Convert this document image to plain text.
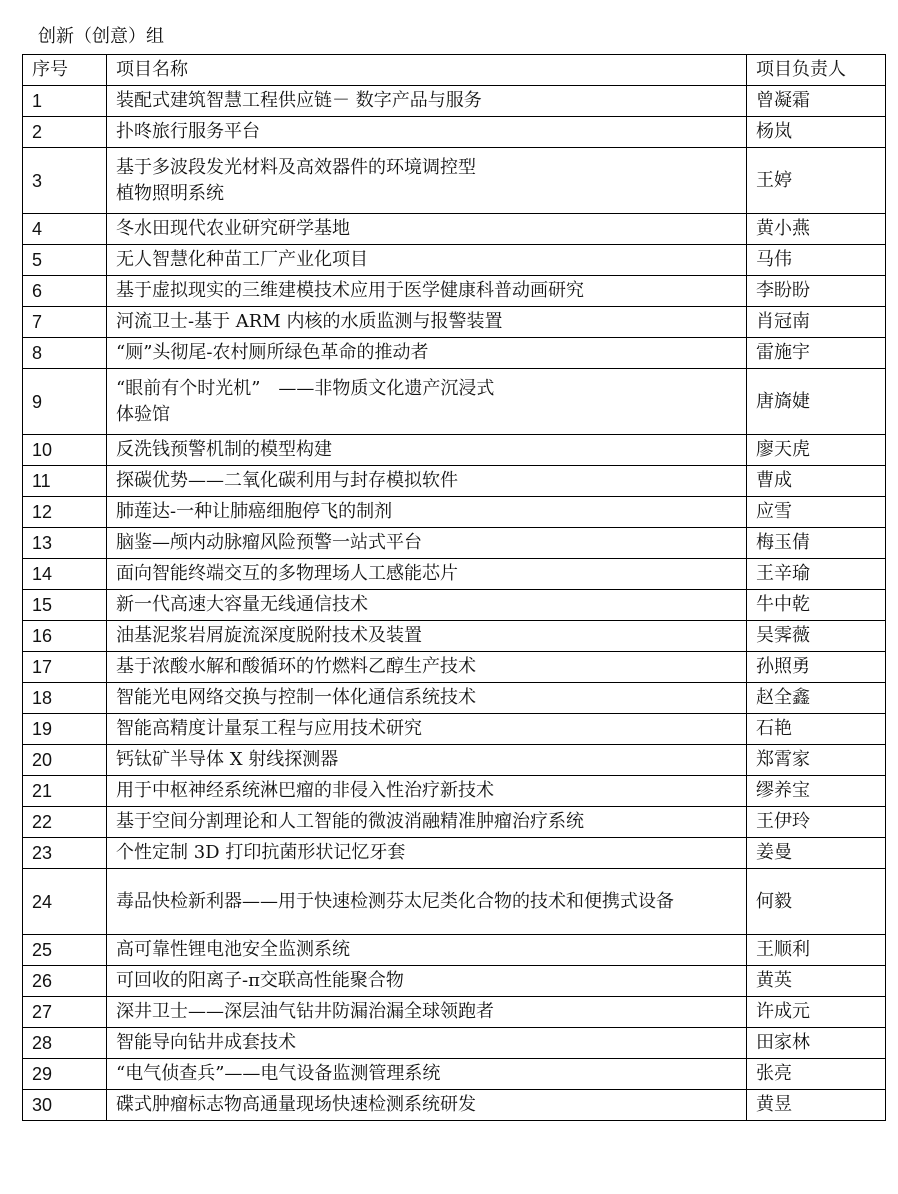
创新（创意）组
序号	项目名称	项目负责人
1	装配式建筑智慧工程供应链－ 数字产品与服务	曾凝霜
2	扑咚旅行服务平台	杨岚
3	基于多波段发光材料及高效器件的环境调控型
植物照明系统	王婷
4	冬水田现代农业研究研学基地	黄小燕
5	无人智慧化种苗工厂产业化项目	马伟
6	基于虚拟现实的三维建模技术应用于医学健康科普动画研究	李盼盼
7	河流卫士-基于 ARM 内核的水质监测与报警装置	肖冠南
8	“厕”头彻尾-农村厕所绿色革命的推动者	雷施宇
9	“眼前有个时光机”　——非物质文化遗产沉浸式
体验馆	唐旖婕
10	反洗钱预警机制的模型构建	廖天虎
11	探碳优势——二氧化碳利用与封存模拟软件	曹成
12	肺莲达-一种让肺癌细胞停飞的制剂	应雪
13	脑鉴—颅内动脉瘤风险预警一站式平台	梅玉倩
14	面向智能终端交互的多物理场人工感能芯片	王辛瑜
15	新一代高速大容量无线通信技术	牛中乾
16	油基泥浆岩屑旋流深度脱附技术及装置	吴霁薇
17	基于浓酸水解和酸循环的竹燃料乙醇生产技术	孙照勇
18	智能光电网络交换与控制一体化通信系统技术	赵全鑫
19	智能高精度计量泵工程与应用技术研究	石艳
20	钙钛矿半导体 X 射线探测器	郑霄家
21	用于中枢神经系统淋巴瘤的非侵入性治疗新技术	缪养宝
22	基于空间分割理论和人工智能的微波消融精准肿瘤治疗系统	王伊玲
23	个性定制 3D 打印抗菌形状记忆牙套	姜曼
24	毒品快检新利器——用于快速检测芬太尼类化合物的技术和便携式设备	何毅
25	高可靠性锂电池安全监测系统	王顺利
26	可回收的阳离子-π交联高性能聚合物	黄英
27	深井卫士——深层油气钻井防漏治漏全球领跑者	许成元
28	智能导向钻井成套技术	田家林
29	“电气侦查兵”——电气设备监测管理系统	张亮
30	碟式肿瘤标志物高通量现场快速检测系统研发	黄昱
